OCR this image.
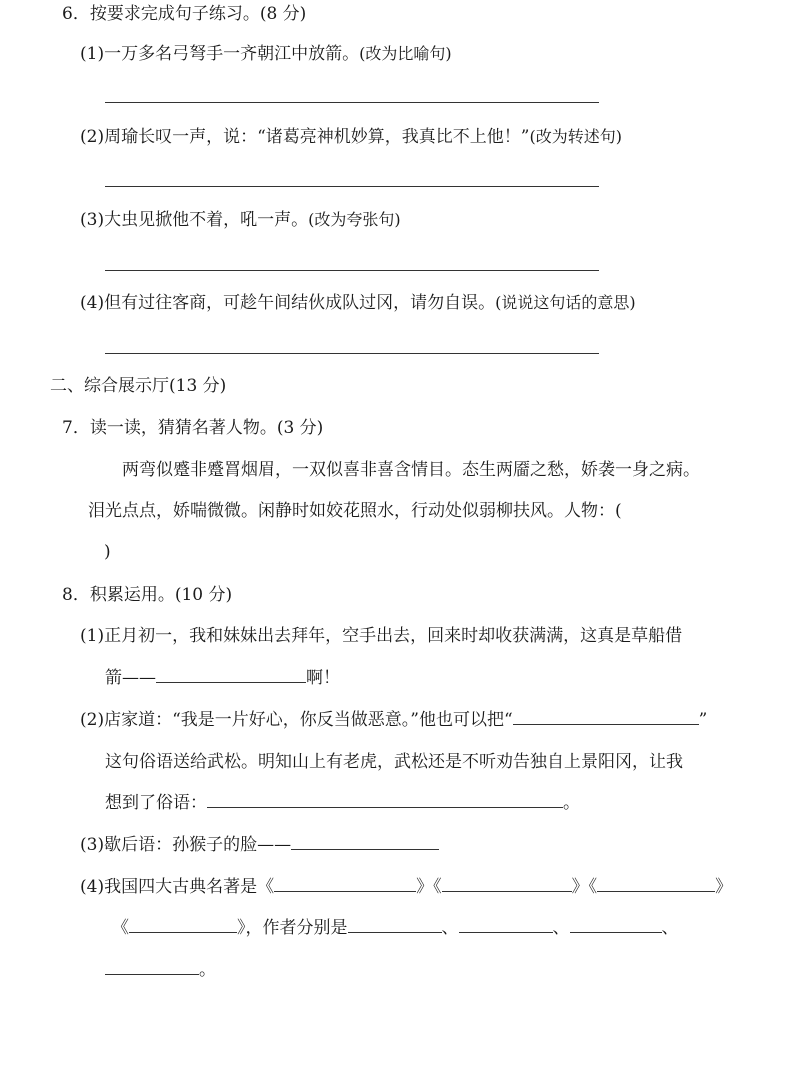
6．按要求完成句子练习。(8 分)
(1)一万多名弓弩手一齐朝江中放箭。(改为比喻句)
(2)周瑜长叹一声，说：“诸葛亮神机妙算，我真比不上他！”(改为转述句)
(3)大虫见掀他不着，吼一声。(改为夸张句)
(4)但有过往客商，可趁午间结伙成队过冈，请勿自误。(说说这句话的意思)
二、综合展示厅(13 分)
7．读一读，猜猜名著人物。(3 分)
两弯似蹙非蹙罥烟眉，一双似喜非喜含情目。态生两靥之愁，娇袭一身之病。
泪光点点，娇喘微微。闲静时如姣花照水，行动处似弱柳扶风。人物：(
)
8．积累运用。(10 分)
(1)正月初一，我和妹妹出去拜年，空手出去，回来时却收获满满，这真是草船借
箭——	啊！
(2)店家道：“我是一片好心，你反当做恶意。”他也可以把“	”
这句俗语送给武松。明知山上有老虎，武松还是不听劝告独自上景阳冈，让我
想到了俗语：	。
(3)歇后语：孙猴子的脸——
(4)我国四大古典名著是《	》《	》《	》
《	》，作者分别是	、	、	、
。
